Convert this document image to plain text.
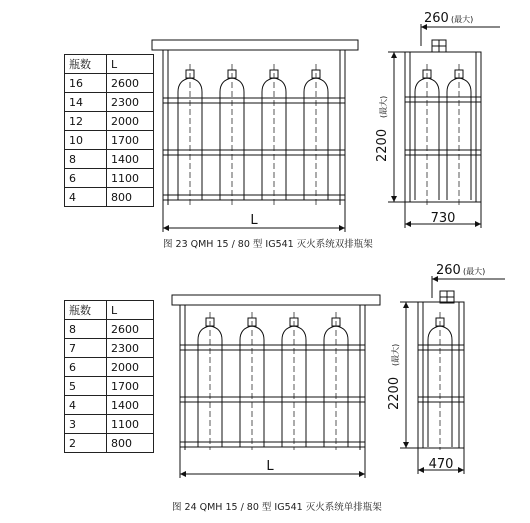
瓶数	L
16	2600
14	2300
12	2000
10	1700
8	1400
6	1100
4	800
瓶数	L
8	2600
7	2300
6	2000
5	1700
4	1400
3	1100
2	800
L
260 (最大)
2200
(最大)
730
L
260 (最大)
2200
(最大)
470
图 23 QMH 15 / 80 型 IG541 灭火系统双排瓶架
图 24 QMH 15 / 80 型 IG541 灭火系统单排瓶架
